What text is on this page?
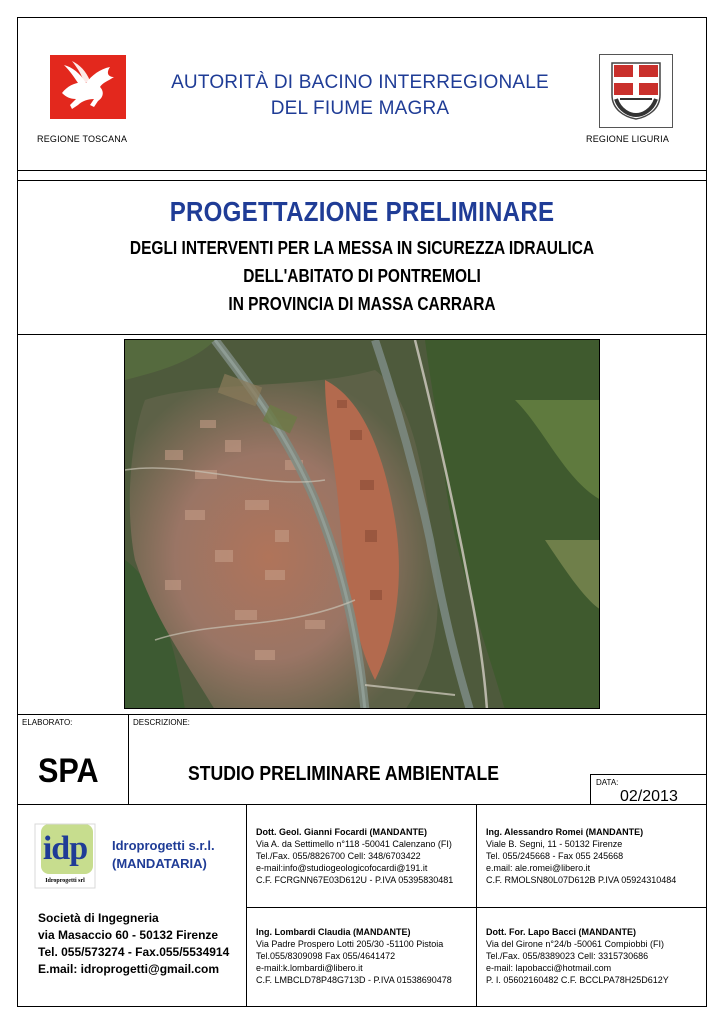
REGIONE TOSCANA	REGIONE LIGURIA
AUTORITÀ DI BACINO INTERREGIONALE
DEL FIUME MAGRA
PROGETTAZIONE PRELIMINARE
DEGLI INTERVENTI PER LA MESSA IN SICUREZZA IDRAULICA
DELL'ABITATO DI PONTREMOLI
IN PROVINCIA DI MASSA CARRARA
ELABORATO:	DESCRIZIONE:
SPA	STUDIO PRELIMINARE AMBIENTALE	DATA:
02/2013
idp
Idroprogetti srl
Idroprogetti s.r.l.
(MANDATARIA)
Società di Ingegneria
via Masaccio 60 - 50132 Firenze
Tel. 055/573274 - Fax.055/5534914
E.mail: idroprogetti@gmail.com
Dott. Geol. Gianni Focardi (MANDANTE)
Via A. da Settimello n°118 -50041 Calenzano (FI)
Tel./Fax. 055/8826700 Cell: 348/6703422
e-mail:info@studiogeologicofocardi@191.it
C.F. FCRGNN67E03D612U - P.IVA 05395830481
Ing. Alessandro Romei (MANDANTE)
Viale B. Segni, 11 - 50132 Firenze
Tel. 055/245668 - Fax 055 245668
e.mail: ale.romei@libero.it
C.F. RMOLSN80L07D612B P.IVA 05924310484
Ing. Lombardi Claudia (MANDANTE)
Via Padre Prospero Lotti 205/30 -51100 Pistoia
Tel.055/8309098 Fax 055/4641472
e-mail:k.lombardi@libero.it
C.F. LMBCLD78P48G713D - P.IVA 01538690478
Dott. For. Lapo Bacci (MANDANTE)
Via del Girone n°24/b -50061 Compiobbi (FI)
Tel./Fax. 055/8389023 Cell: 3315730686
e-mail: lapobacci@hotmail.com
P. I. 05602160482 C.F. BCCLPA78H25D612Y
